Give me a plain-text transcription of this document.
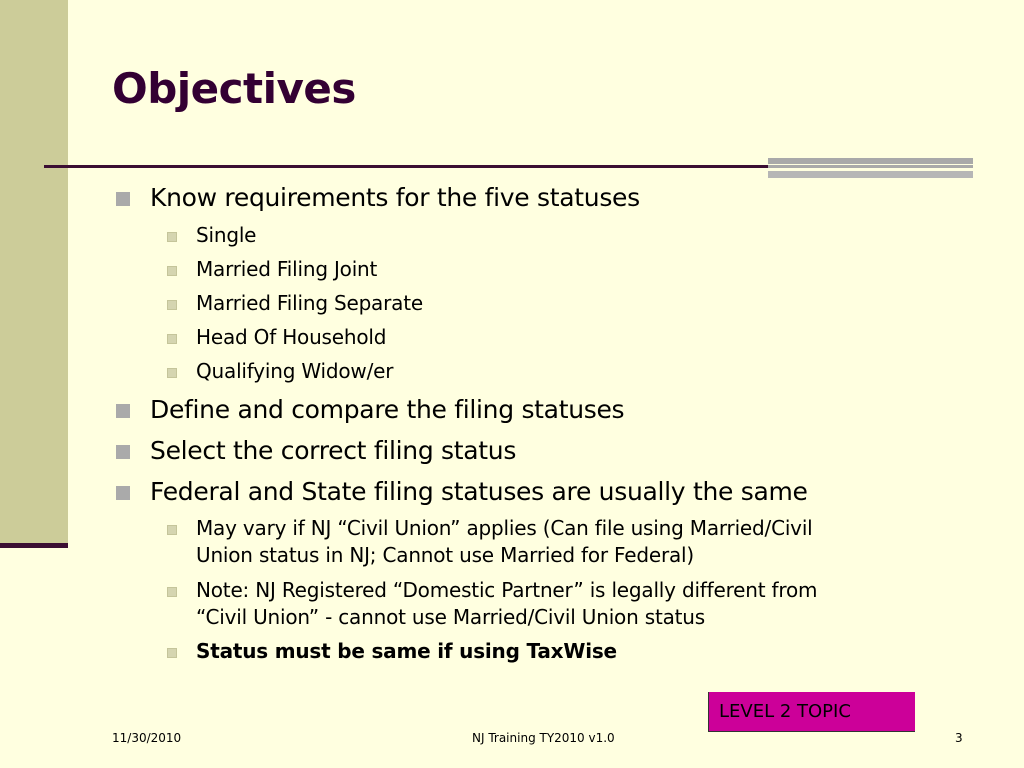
Objectives
Know requirements for the five statuses
Single
Married Filing Joint
Married Filing Separate
Head Of Household
Qualifying Widow/er
Define and compare the filing statuses
Select the correct filing status
Federal and State filing statuses are usually the same
May vary if NJ “Civil Union” applies (Can file using Married/Civil
Union status in NJ; Cannot use Married for Federal)
Note: NJ Registered “Domestic Partner” is legally different from
“Civil Union” - cannot use Married/Civil Union status
Status must be same if using TaxWise
LEVEL 2 TOPIC
11/30/2010	NJ Training TY2010 v1.0	3
